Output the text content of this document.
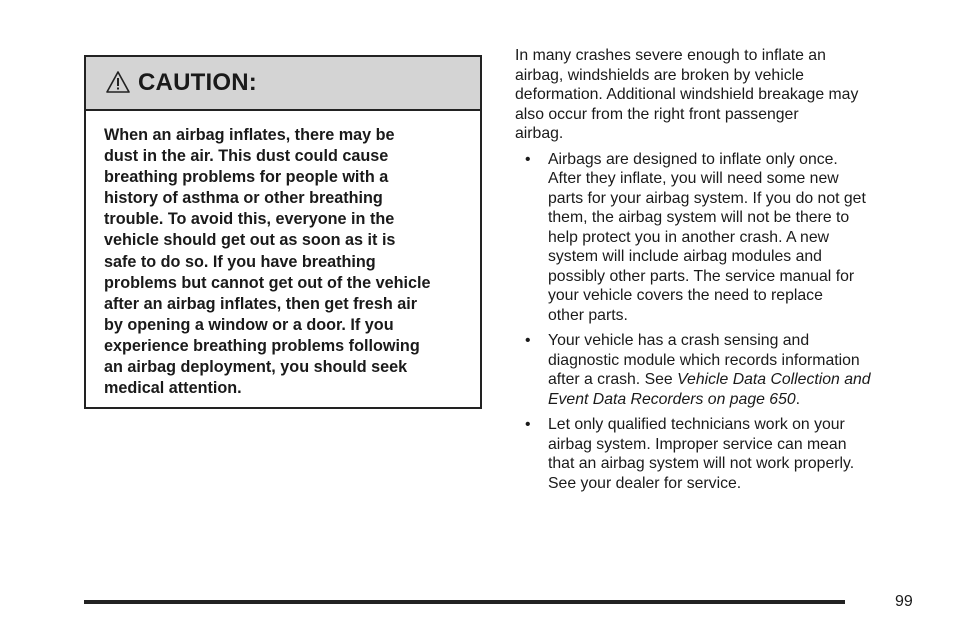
CAUTION:
When an airbag inflates, there may be
dust in the air. This dust could cause
breathing problems for people with a
history of asthma or other breathing
trouble. To avoid this, everyone in the
vehicle should get out as soon as it is
safe to do so. If you have breathing
problems but cannot get out of the vehicle
after an airbag inflates, then get fresh air
by opening a window or a door. If you
experience breathing problems following
an airbag deployment, you should seek
medical attention.
In many crashes severe enough to inflate an
airbag, windshields are broken by vehicle
deformation. Additional windshield breakage may
also occur from the right front passenger
airbag.
• Airbags are designed to inflate only once.
After they inflate, you will need some new
parts for your airbag system. If you do not get
them, the airbag system will not be there to
help protect you in another crash. A new
system will include airbag modules and
possibly other parts. The service manual for
your vehicle covers the need to replace
other parts.
• Your vehicle has a crash sensing and
diagnostic module which records information
after a crash. See Vehicle Data Collection and
Event Data Recorders on page 650.
• Let only qualified technicians work on your
airbag system. Improper service can mean
that an airbag system will not work properly.
See your dealer for service.
99
